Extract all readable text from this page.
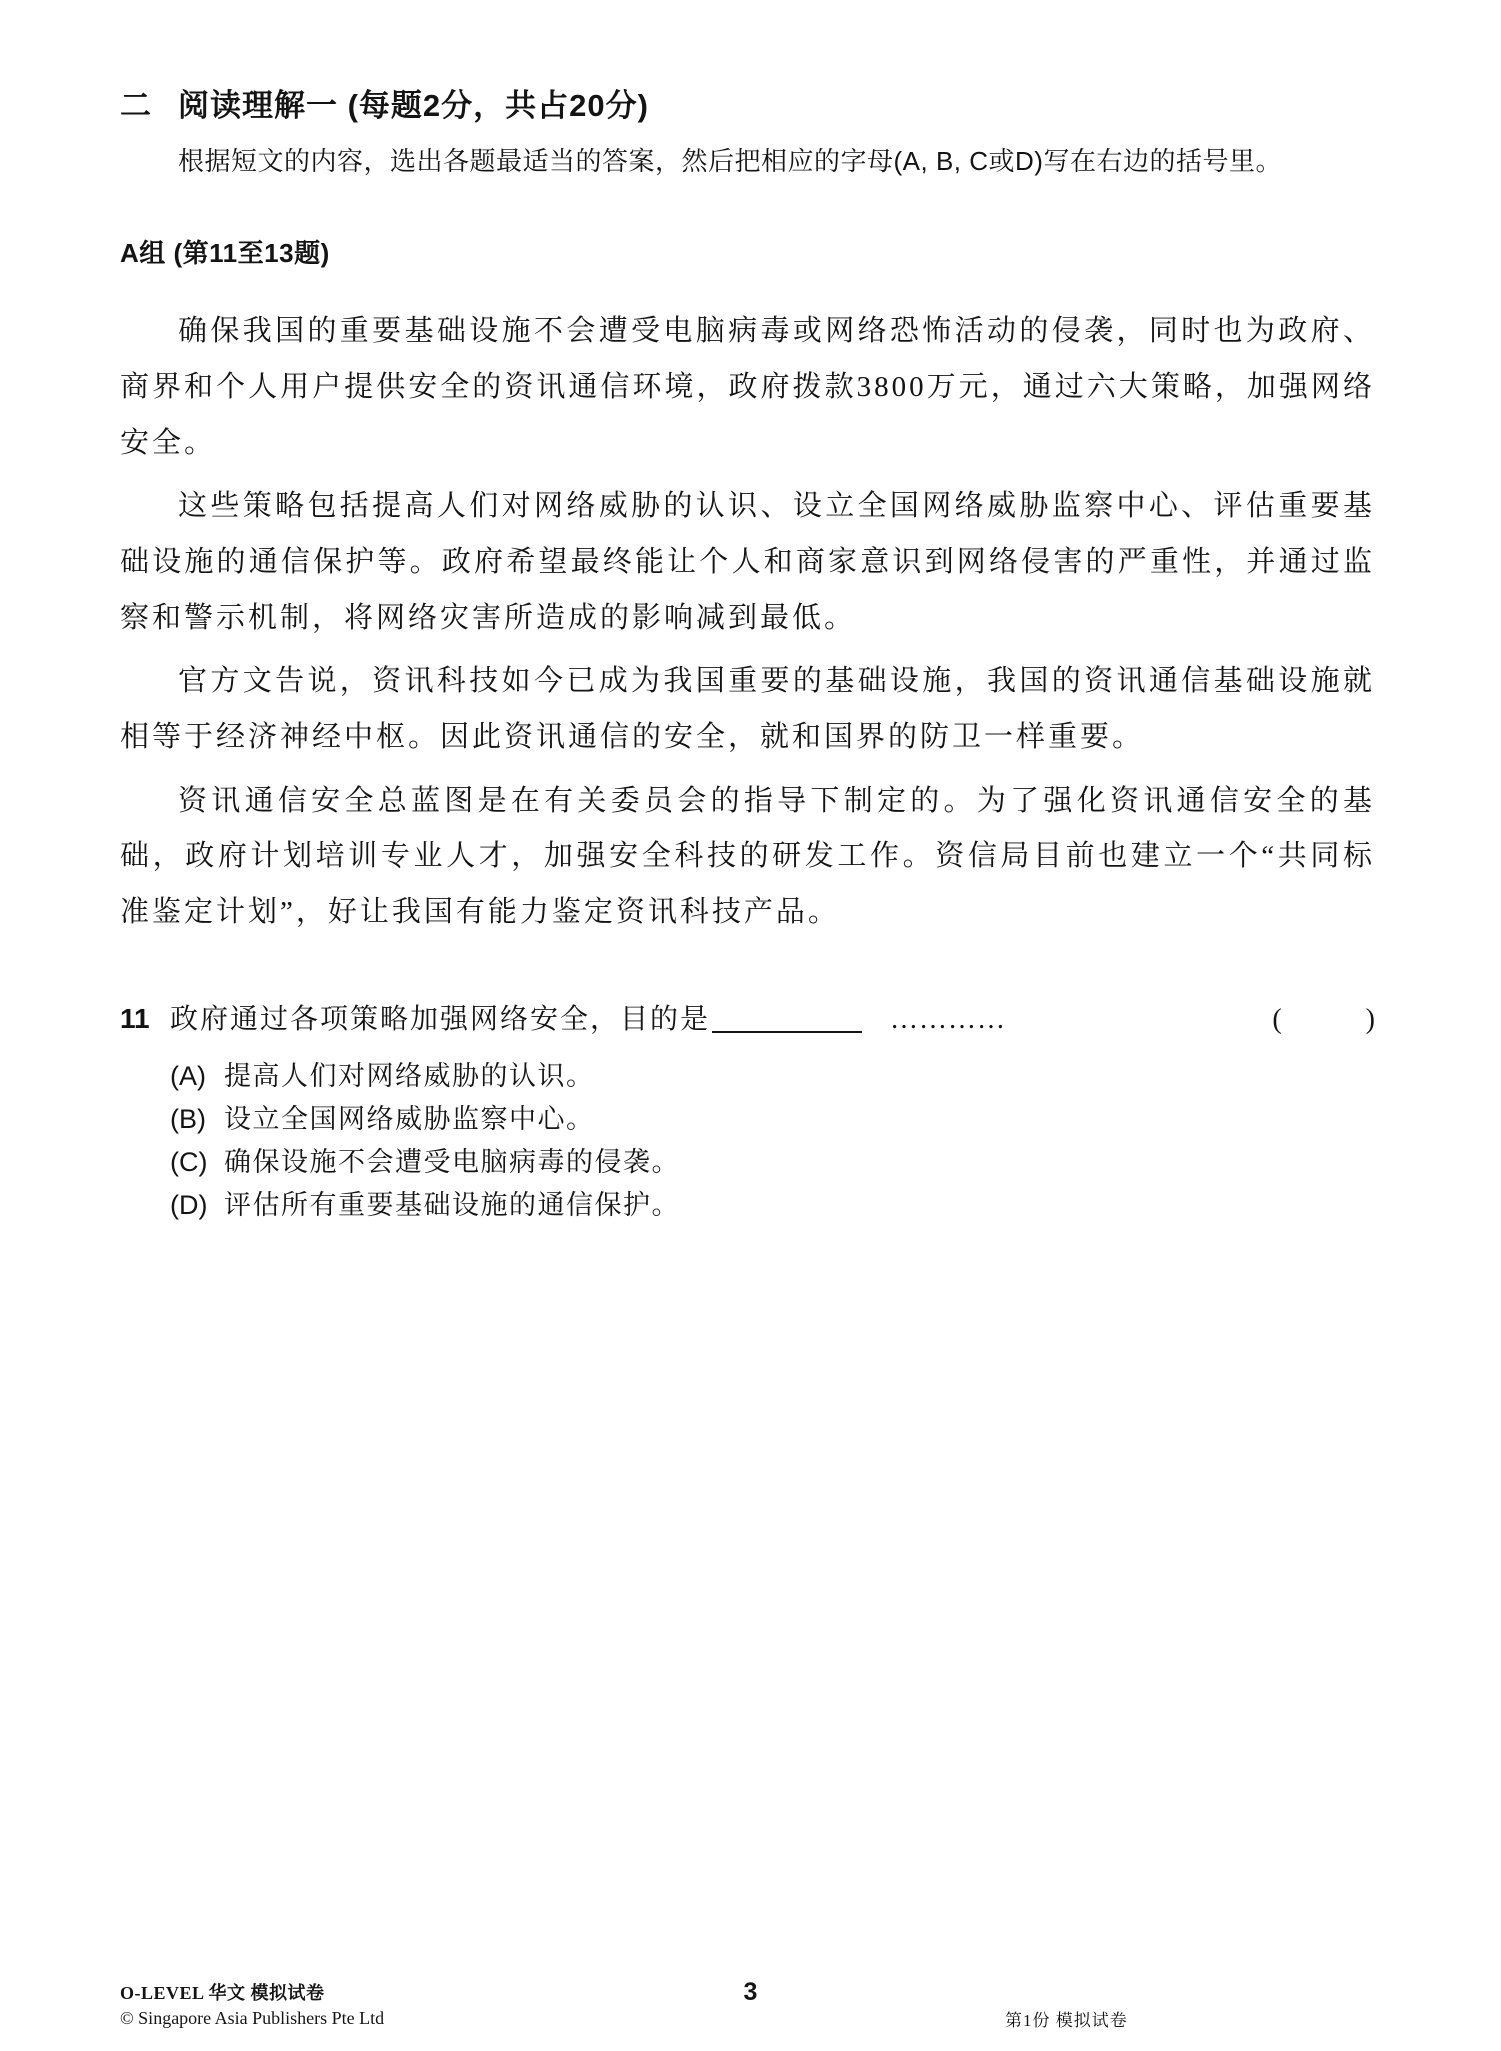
二 阅读理解一 (每题2分，共占20分)

根据短文的内容，选出各题最适当的答案，然后把相应的字母(A, B, C或D)写在右边的括号里。

A组 (第11至13题)

确保我国的重要基础设施不会遭受电脑病毒或网络恐怖活动的侵袭，同时也为政府、商界和个人用户提供安全的资讯通信环境，政府拨款3800万元，通过六大策略，加强网络安全。

这些策略包括提高人们对网络威胁的认识、设立全国网络威胁监察中心、评估重要基础设施的通信保护等。政府希望最终能让个人和商家意识到网络侵害的严重性，并通过监察和警示机制，将网络灾害所造成的影响减到最低。

官方文告说，资讯科技如今已成为我国重要的基础设施，我国的资讯通信基础设施就相等于经济神经中枢。因此资讯通信的安全，就和国界的防卫一样重要。

资讯通信安全总蓝图是在有关委员会的指导下制定的。为了强化资讯通信安全的基础，政府计划培训专业人才，加强安全科技的研发工作。资信局目前也建立一个“共同标准鉴定计划”，好让我国有能力鉴定资讯科技产品。

11 政府通过各项策略加强网络安全，目的是	…………	(　　　)
(A) 提高人们对网络威胁的认识。
(B) 设立全国网络威胁监察中心。
(C) 确保设施不会遭受电脑病毒的侵袭。
(D) 评估所有重要基础设施的通信保护。
O-LEVEL 华文 模拟试卷
© Singapore Asia Publishers Pte Ltd
3
第1份 模拟试卷
